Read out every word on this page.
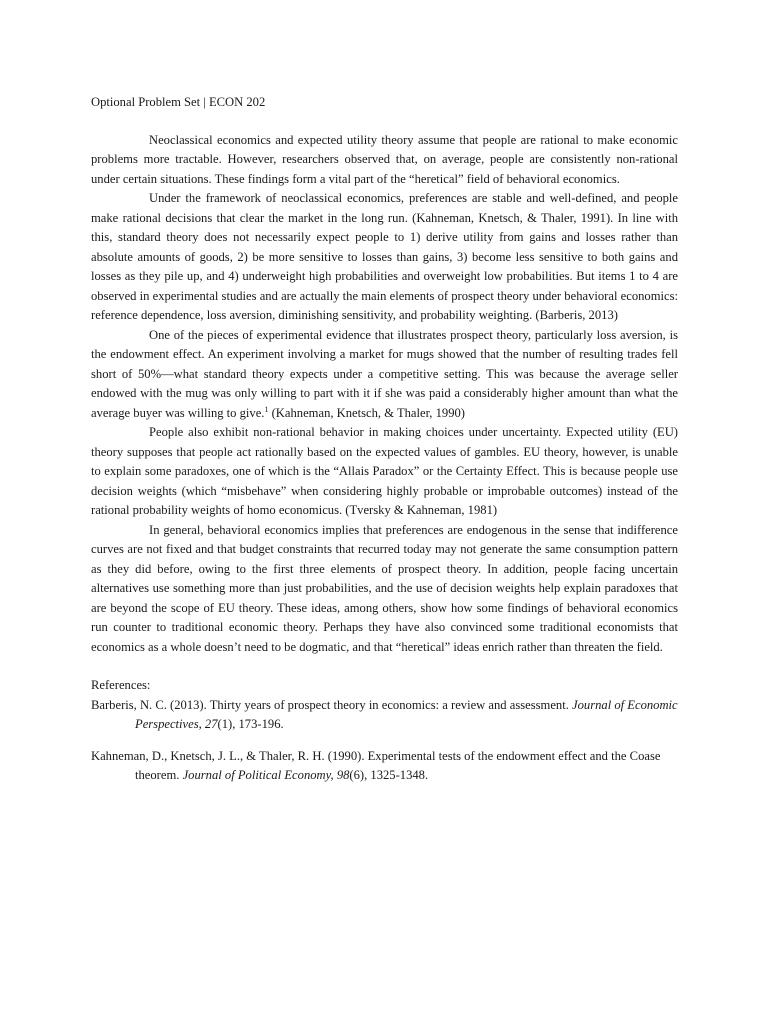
Optional Problem Set | ECON 202

Neoclassical economics and expected utility theory assume that people are rational to make economic problems more tractable. However, researchers observed that, on average, people are consistently non-rational under certain situations. These findings form a vital part of the “heretical” field of behavioral economics.

Under the framework of neoclassical economics, preferences are stable and well-defined, and people make rational decisions that clear the market in the long run. (Kahneman, Knetsch, & Thaler, 1991). In line with this, standard theory does not necessarily expect people to 1) derive utility from gains and losses rather than absolute amounts of goods, 2) be more sensitive to losses than gains, 3) become less sensitive to both gains and losses as they pile up, and 4) underweight high probabilities and overweight low probabilities. But items 1 to 4 are observed in experimental studies and are actually the main elements of prospect theory under behavioral economics: reference dependence, loss aversion, diminishing sensitivity, and probability weighting. (Barberis, 2013)

One of the pieces of experimental evidence that illustrates prospect theory, particularly loss aversion, is the endowment effect. An experiment involving a market for mugs showed that the number of resulting trades fell short of 50%—what standard theory expects under a competitive setting. This was because the average seller endowed with the mug was only willing to part with it if she was paid a considerably higher amount than what the average buyer was willing to give.$^1$ (Kahneman, Knetsch, & Thaler, 1990)

People also exhibit non-rational behavior in making choices under uncertainty. Expected utility (EU) theory supposes that people act rationally based on the expected values of gambles. EU theory, however, is unable to explain some paradoxes, one of which is the “Allais Paradox” or the Certainty Effect. This is because people use decision weights (which “misbehave” when considering highly probable or improbable outcomes) instead of the rational probability weights of homo economicus. (Tversky & Kahneman, 1981)

In general, behavioral economics implies that preferences are endogenous in the sense that indifference curves are not fixed and that budget constraints that recurred today may not generate the same consumption pattern as they did before, owing to the first three elements of prospect theory. In addition, people facing uncertain alternatives use something more than just probabilities, and the use of decision weights help explain paradoxes that are beyond the scope of EU theory. These ideas, among others, show how some findings of behavioral economics run counter to traditional economic theory. Perhaps they have also convinced some traditional economists that economics as a whole doesn’t need to be dogmatic, and that “heretical” ideas enrich rather than threaten the field.

References:
Barberis, N. C. (2013). Thirty years of prospect theory in economics: a review and assessment. Journal of Economic Perspectives, 27(1), 173-196.
Kahneman, D., Knetsch, J. L., & Thaler, R. H. (1990). Experimental tests of the endowment effect and the Coase theorem. Journal of Political Economy, 98(6), 1325-1348.
